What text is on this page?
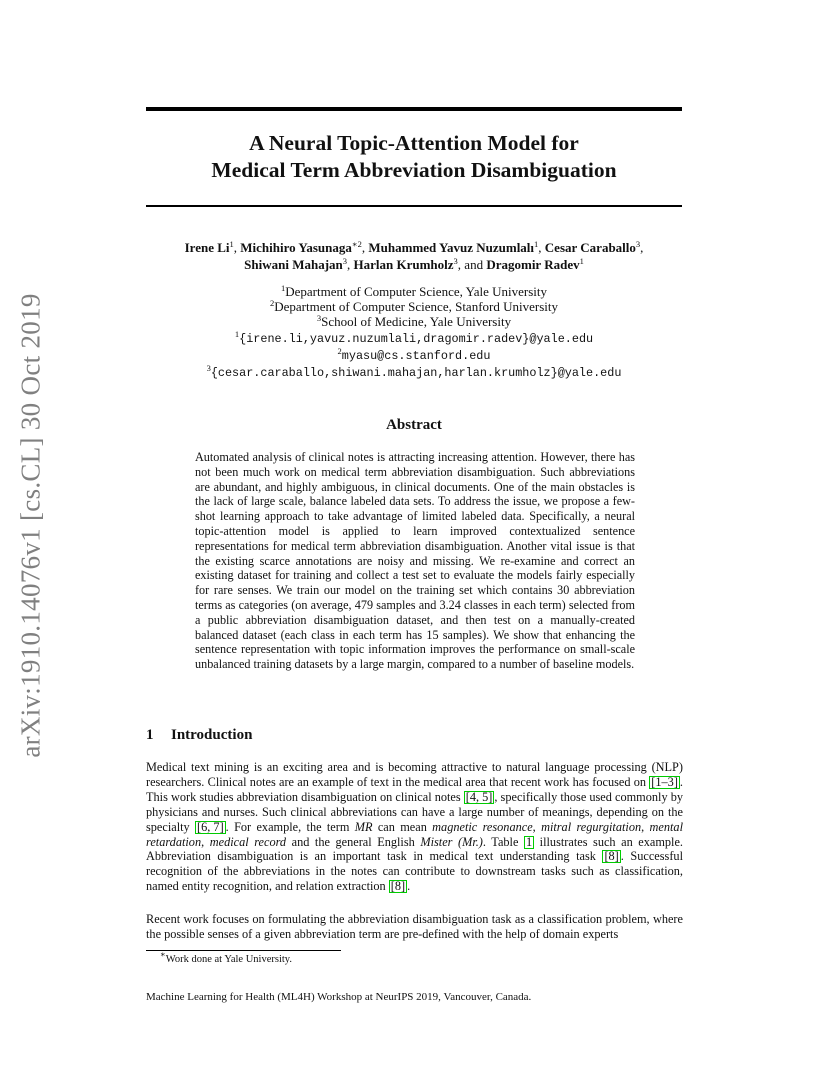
arXiv:1910.14076v1 [cs.CL] 30 Oct 2019
A Neural Topic-Attention Model for
Medical Term Abbreviation Disambiguation
Irene Li$^1$, Michihiro Yasunaga$^{∗2}$, Muhammed Yavuz Nuzumlalı$^1$, Cesar Caraballo$^3$,
Shiwani Mahajan$^3$, Harlan Krumholz$^3$, and Dragomir Radev$^1$
$^1$Department of Computer Science, Yale University
$^2$Department of Computer Science, Stanford University
$^3$School of Medicine, Yale University
$^1${irene.li,yavuz.nuzumlali,dragomir.radev}@yale.edu
$^2$myasu@cs.stanford.edu
$^3${cesar.caraballo,shiwani.mahajan,harlan.krumholz}@yale.edu
Abstract

Automated analysis of clinical notes is attracting increasing attention. However, there has not been much work on medical term abbreviation disambiguation. Such abbreviations are abundant, and highly ambiguous, in clinical documents. One of the main obstacles is the lack of large scale, balance labeled data sets. To address the issue, we propose a few-shot learning approach to take advantage of limited labeled data. Specifically, a neural topic-attention model is applied to learn improved contextualized sentence representations for medical term abbreviation disambiguation. Another vital issue is that the existing scarce annotations are noisy and missing. We re-examine and correct an existing dataset for training and collect a test set to evaluate the models fairly especially for rare senses. We train our model on the training set which contains 30 abbreviation terms as categories (on average, 479 samples and 3.24 classes in each term) selected from a public abbreviation disambiguation dataset, and then test on a manually-created balanced dataset (each class in each term has 15 samples). We show that enhancing the sentence representation with topic information improves the performance on small-scale unbalanced training datasets by a large margin, compared to a number of baseline models.

1 Introduction

Medical text mining is an exciting area and is becoming attractive to natural language processing (NLP) researchers. Clinical notes are an example of text in the medical area that recent work has focused on [1–3] . This work studies abbreviation disambiguation on clinical notes [4, 5] , specifically those used commonly by physicians and nurses. Such clinical abbreviations can have a large number of meanings, depending on the specialty [6, 7] . For example, the term MR can mean magnetic resonance, mitral regurgitation, mental retardation, medical record and the general English Mister (Mr.). Table 1 illustrates such an example. Abbreviation disambiguation is an important task in medical text understanding task [8] . Successful recognition of the abbreviations in the notes can contribute to downstream tasks such as classification, named entity recognition, and relation extraction [8] .

Recent work focuses on formulating the abbreviation disambiguation task as a classification problem, where the possible senses of a given abbreviation term are pre-defined with the help of domain experts

∗Work done at Yale University.
Machine Learning for Health (ML4H) Workshop at NeurIPS 2019, Vancouver, Canada.
